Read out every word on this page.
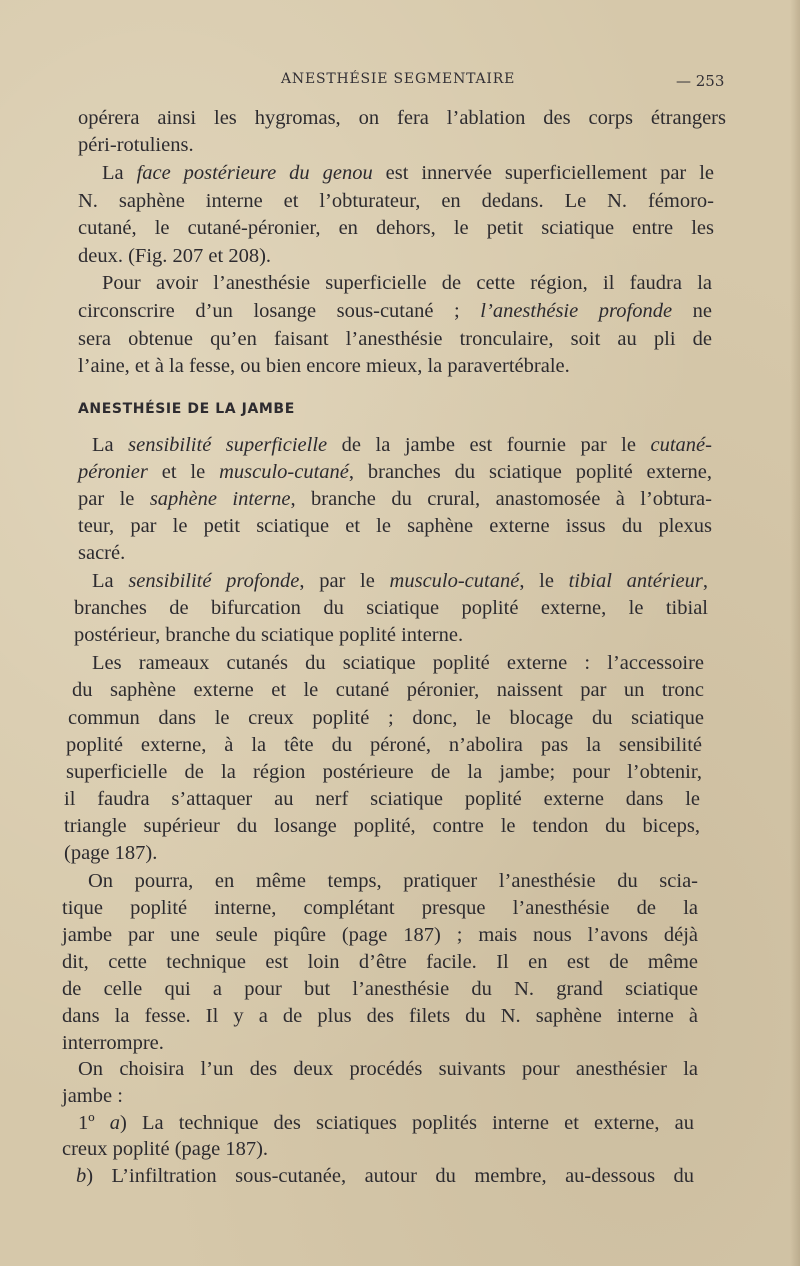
ANESTHÉSIE SEGMENTAIRE	— 253
opérera ainsi les hygromas, on fera l’ablation des corps étrangers
péri-rotuliens.
La face postérieure du genou est innervée superficiellement par le
N. saphène interne et l’obturateur, en dedans. Le N. fémoro-
cutané, le cutané-péronier, en dehors, le petit sciatique entre les
deux. (Fig. 207 et 208).
Pour avoir l’anesthésie superficielle de cette région, il faudra la
circonscrire d’un losange sous-cutané ; l’anesthésie profonde ne
sera obtenue qu’en faisant l’anesthésie tronculaire, soit au pli de
l’aine, et à la fesse, ou bien encore mieux, la paravertébrale.
ANESTHÉSIE DE LA JAMBE
La sensibilité superficielle de la jambe est fournie par le cutané-
péronier et le musculo-cutané, branches du sciatique poplité externe,
par le saphène interne, branche du crural, anastomosée à l’obtura-
teur, par le petit sciatique et le saphène externe issus du plexus
sacré.
La sensibilité profonde, par le musculo-cutané, le tibial antérieur,
branches de bifurcation du sciatique poplité externe, le tibial
postérieur, branche du sciatique poplité interne.
Les rameaux cutanés du sciatique poplité externe : l’accessoire
du saphène externe et le cutané péronier, naissent par un tronc
commun dans le creux poplité ; donc, le blocage du sciatique
poplité externe, à la tête du péroné, n’abolira pas la sensibilité
superficielle de la région postérieure de la jambe; pour l’obtenir,
il faudra s’attaquer au nerf sciatique poplité externe dans le
triangle supérieur du losange poplité, contre le tendon du biceps,
(page 187).
On pourra, en même temps, pratiquer l’anesthésie du scia-
tique poplité interne, complétant presque l’anesthésie de la
jambe par une seule piqûre (page 187) ; mais nous l’avons déjà
dit, cette technique est loin d’être facile. Il en est de même
de celle qui a pour but l’anesthésie du N. grand sciatique
dans la fesse. Il y a de plus des filets du N. saphène interne à
interrompre.
On choisira l’un des deux procédés suivants pour anesthésier la
jambe :
1º a) La technique des sciatiques poplités interne et externe, au
creux poplité (page 187).
b) L’infiltration sous-cutanée, autour du membre, au-dessous du
